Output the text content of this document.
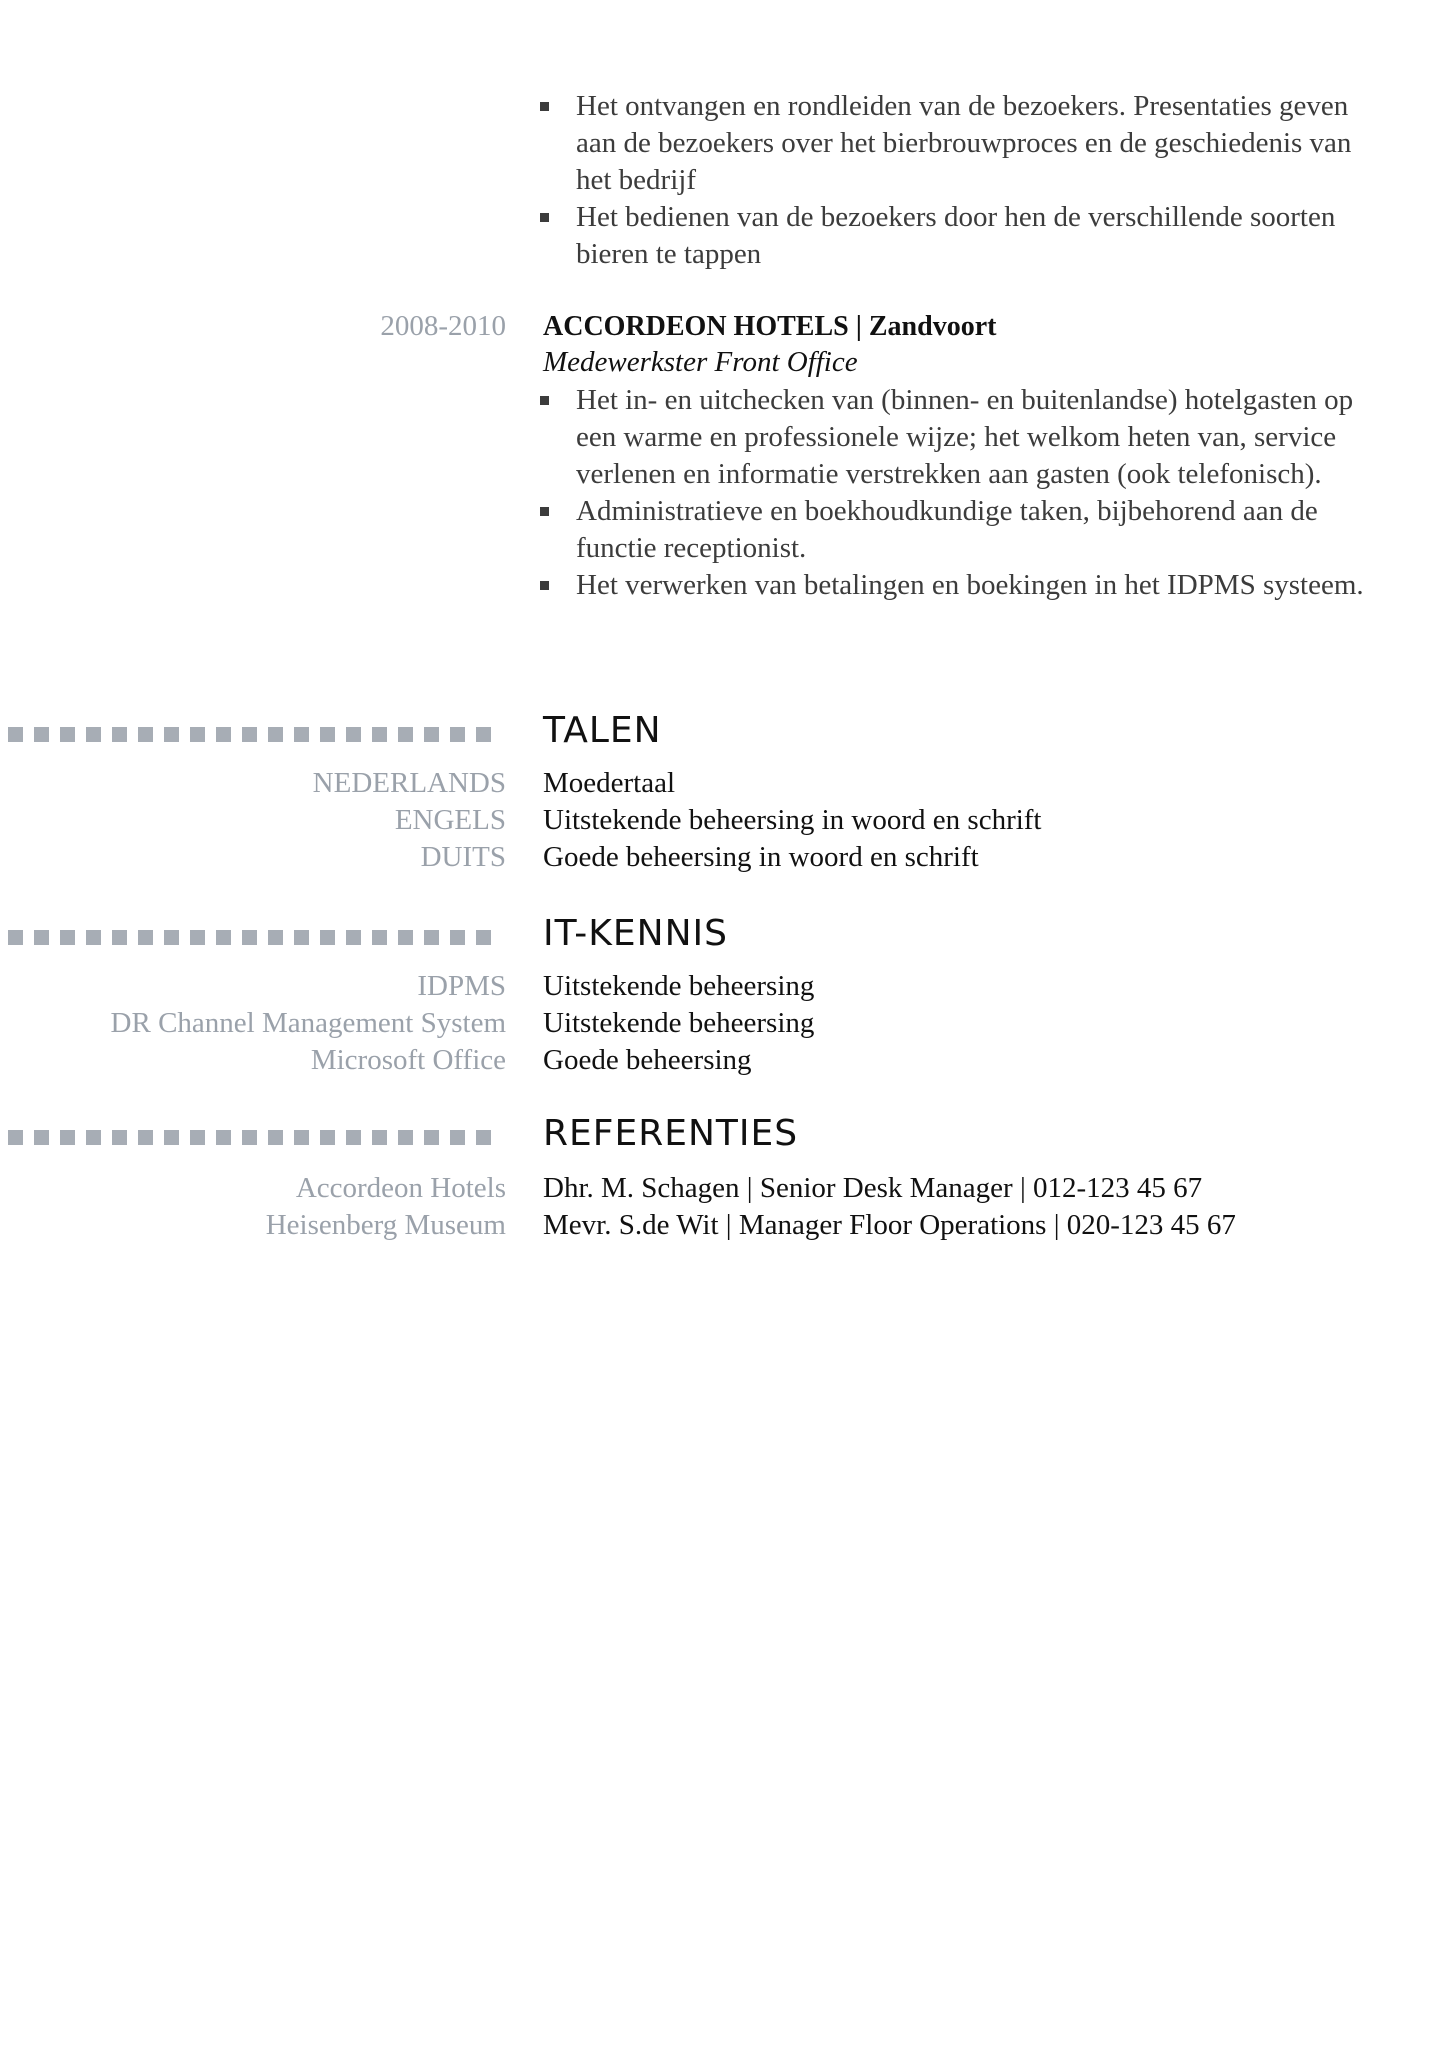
Het ontvangen en rondleiden van de bezoekers. Presentaties geven aan de bezoekers over het bierbrouwproces en de geschiedenis van het bedrijf
Het bedienen van de bezoekers door hen de verschillende soorten bieren te tappen
2008-2010 ACCORDEON HOTELS | Zandvoort
Medewerkster Front Office
Het in- en uitchecken van (binnen- en buitenlandse) hotelgasten op een warme en professionele wijze; het welkom heten van, service verlenen en informatie verstrekken aan gasten (ook telefonisch).
Administratieve en boekhoudkundige taken, bijbehorend aan de functie receptionist.
Het verwerken van betalingen en boekingen in het IDPMS systeem.
TALEN
NEDERLANDS Moedertaal
ENGELS Uitstekende beheersing in woord en schrift
DUITS Goede beheersing in woord en schrift
IT-KENNIS
IDPMS Uitstekende beheersing
DR Channel Management System Uitstekende beheersing
Microsoft Office Goede beheersing
REFERENTIES
Accordeon Hotels Dhr. M. Schagen | Senior Desk Manager | 012-123 45 67
Heisenberg Museum Mevr. S.de Wit | Manager Floor Operations | 020-123 45 67
